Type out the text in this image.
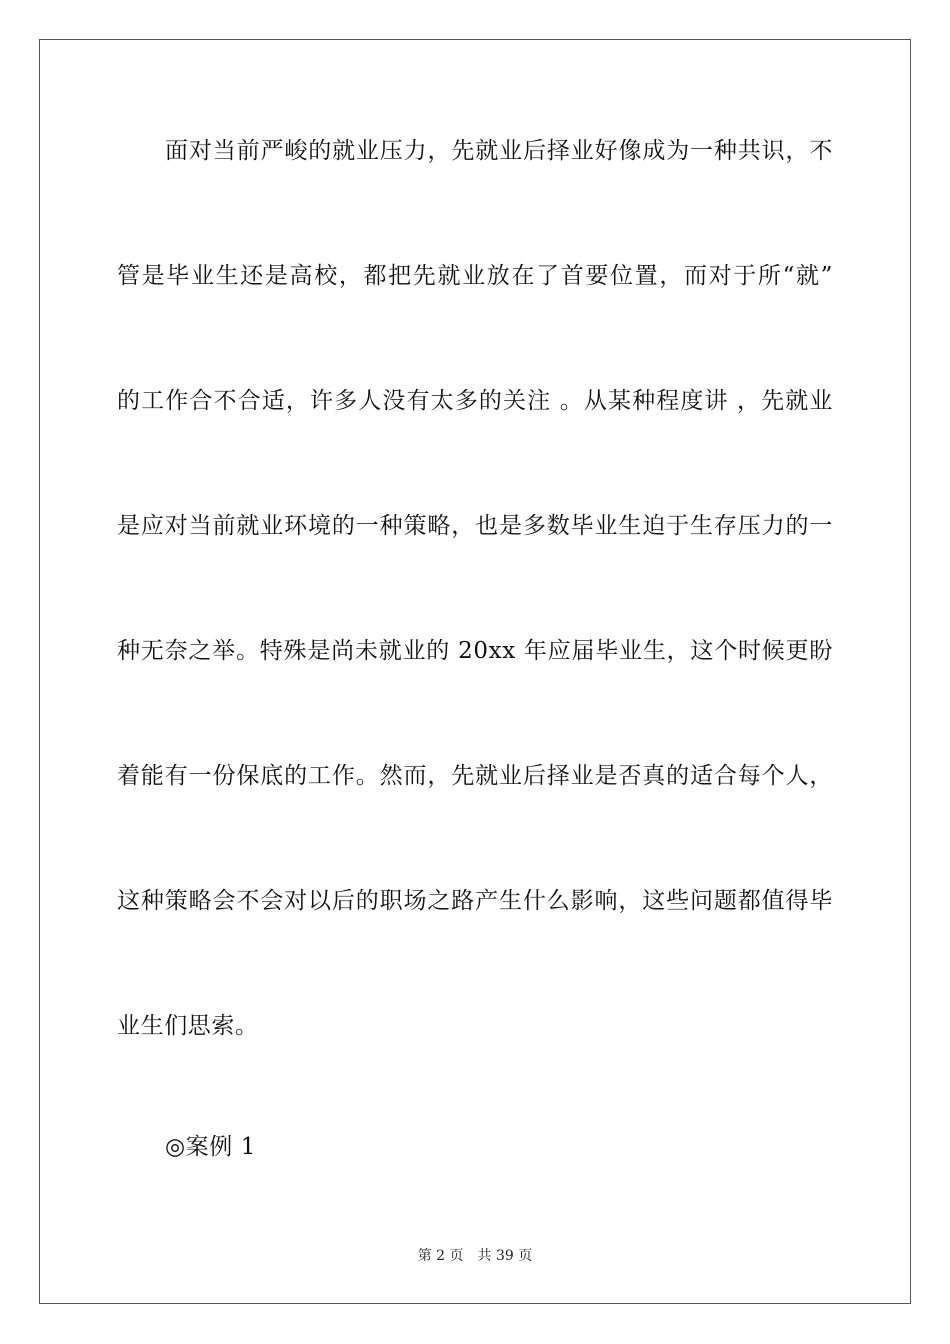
面对当前严峻的就业压力，先就业后择业好像成为一种共识，不
管是毕业生还是高校，都把先就业放在了首要位置，而对于所“就”
的工作合不合适，许多人没有太多的关注 。从某种程度讲 ，先就业
是应对当前就业环境的一种策略，也是多数毕业生迫于生存压力的一
种无奈之举。特殊是尚未就业的 20xx 年应届毕业生，这个时候更盼
着能有一份保底的工作。然而，先就业后择业是否真的适合每个人，
这种策略会不会对以后的职场之路产生什么影响，这些问题都值得毕
业生们思索。
◎案例 1
第 2 页 共 39 页
